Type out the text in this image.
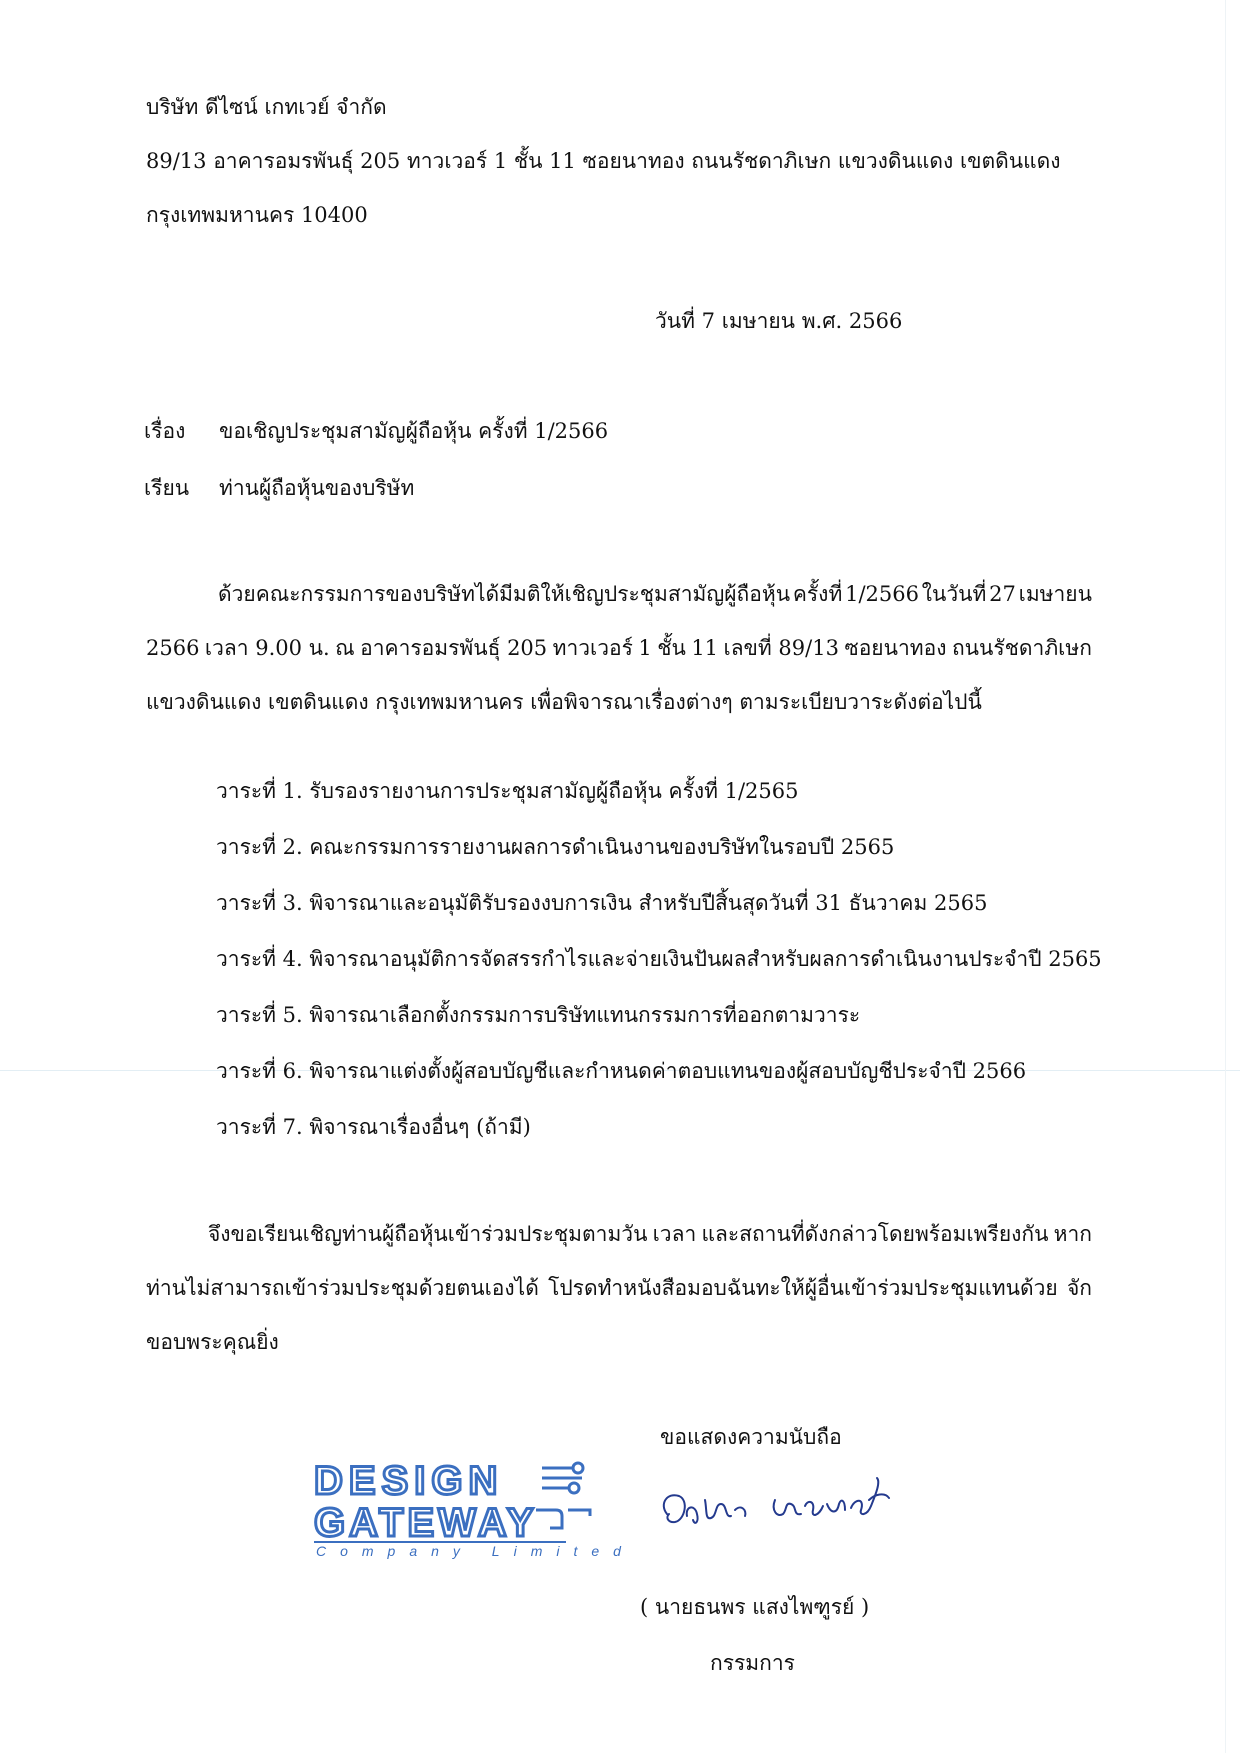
บริษัท ดีไซน์ เกทเวย์ จำกัด
89/13 อาคารอมรพันธุ์ 205 ทาวเวอร์ 1 ชั้น 11 ซอยนาทอง ถนนรัชดาภิเษก แขวงดินแดง เขตดินแดง
กรุงเทพมหานคร 10400
วันที่ 7 เมษายน พ.ศ. 2566
เรื่อง ขอเชิญประชุมสามัญผู้ถือหุ้น ครั้งที่ 1/2566
เรียน ท่านผู้ถือหุ้นของบริษัท
ด้วยคณะกรรมการของบริษัทได้มีมติให้เชิญประชุมสามัญผู้ถือหุ้น ครั้งที่ 1/2566 ในวันที่ 27 เมษายน
2566 เวลา 9.00 น. ณ อาคารอมรพันธุ์ 205 ทาวเวอร์ 1 ชั้น 11 เลขที่ 89/13 ซอยนาทอง ถนนรัชดาภิเษก
แขวงดินแดง เขตดินแดง กรุงเทพมหานคร เพื่อพิจารณาเรื่องต่างๆ ตามระเบียบวาระดังต่อไปนี้
วาระที่ 1. รับรองรายงานการประชุมสามัญผู้ถือหุ้น ครั้งที่ 1/2565
วาระที่ 2. คณะกรรมการรายงานผลการดำเนินงานของบริษัทในรอบปี 2565
วาระที่ 3. พิจารณาและอนุมัติรับรองงบการเงิน สำหรับปีสิ้นสุดวันที่ 31 ธันวาคม 2565
วาระที่ 4. พิจารณาอนุมัติการจัดสรรกำไรและจ่ายเงินปันผลสำหรับผลการดำเนินงานประจำปี 2565
วาระที่ 5. พิจารณาเลือกตั้งกรรมการบริษัทแทนกรรมการที่ออกตามวาระ
วาระที่ 6. พิจารณาแต่งตั้งผู้สอบบัญชีและกำหนดค่าตอบแทนของผู้สอบบัญชีประจำปี 2566
วาระที่ 7. พิจารณาเรื่องอื่นๆ (ถ้ามี)
จึงขอเรียนเชิญท่านผู้ถือหุ้นเข้าร่วมประชุมตามวัน เวลา และสถานที่ดังกล่าวโดยพร้อมเพรียงกัน หาก
ท่านไม่สามารถเข้าร่วมประชุมด้วยตนเองได้ โปรดทำหนังสือมอบฉันทะให้ผู้อื่นเข้าร่วมประชุมแทนด้วย จัก
ขอบพระคุณยิ่ง
ขอแสดงความนับถือ
DESIGN
GATEWAY
Company Limited
( นายธนพร แสงไพฑูรย์ )
กรรมการ
